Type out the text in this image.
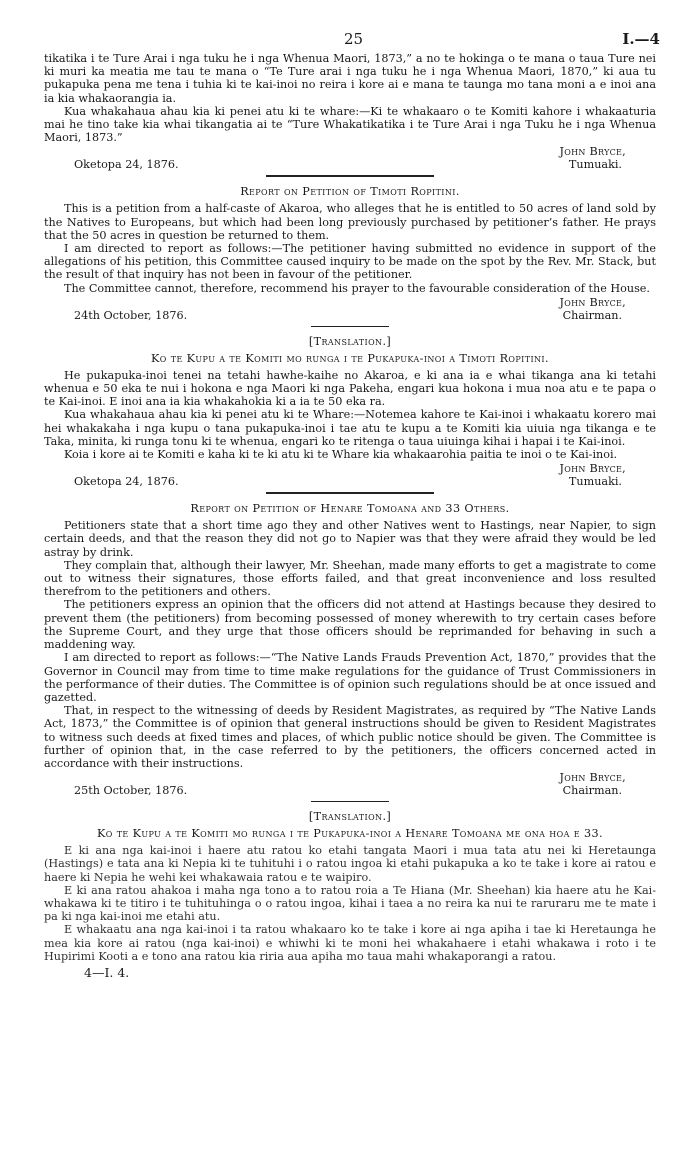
25	I.—4

tikatika i te Ture Arai i nga tuku he i nga Whenua Maori, 1873,” a no te hokinga o te mana o taua Ture nei ki muri ka meatia me tau te mana o “Te Ture arai i nga tuku he i nga Whenua Maori, 1870,” ki aua tu pukapuka pena me tena i tuhia ki te kai-inoi no reira i kore ai e mana te taunga mo tana moni a e inoi ana ia kia whakaorangia ia.

Kua whakahaua ahau kia ki penei atu ki te whare:—Ki te whakaaro o te Komiti kahore i whakaaturia mai he tino take kia whai tikangatia ai te “Ture Whakatikatika i te Ture Arai i nga Tuku he i nga Whenua Maori, 1873.”

John Bryce,
Tumuaki.
Oketopa 24, 1876.
Report on Petition of Timoti Ropitini.

This is a petition from a half-caste of Akaroa, who alleges that he is entitled to 50 acres of land sold by the Natives to Europeans, but which had been long previously purchased by petitioner’s father. He prays that the 50 acres in question be returned to them.

I am directed to report as follows:—The petitioner having submitted no evidence in support of the allegations of his petition, this Committee caused inquiry to be made on the spot by the Rev. Mr. Stack, but the result of that inquiry has not been in favour of the petitioner.

The Committee cannot, therefore, recommend his prayer to the favourable consideration of the House.

John Bryce,
Chairman.
24th October, 1876.
[Translation.]
Ko te Kupu a te Komiti mo runga i te Pukapuka-inoi a Timoti Ropitini.

He pukapuka-inoi tenei na tetahi hawhe-kaihe no Akaroa, e ki ana ia e whai tikanga ana ki tetahi whenua e 50 eka te nui i hokona e nga Maori ki nga Pakeha, engari kua hokona i mua noa atu e te papa o te Kai-inoi. E inoi ana ia kia whakahokia ki a ia te 50 eka ra.

Kua whakahaua ahau kia ki penei atu ki te Whare:—Notemea kahore te Kai-inoi i whakaatu korero mai hei whakakaha i nga kupu o tana pukapuka-inoi i tae atu te kupu a te Komiti kia uiuia nga tikanga e te Taka, minita, ki runga tonu ki te whenua, engari ko te ritenga o taua uiuinga kihai i hapai i te Kai-inoi.

Koia i kore ai te Komiti e kaha ki te ki atu ki te Whare kia whakaarohia paitia te inoi o te Kai-inoi.

John Bryce,
Tumuaki.
Oketopa 24, 1876.
Report on Petition of Henare Tomoana and 33 Others.

Petitioners state that a short time ago they and other Natives went to Hastings, near Napier, to sign certain deeds, and that the reason they did not go to Napier was that they were afraid they would be led astray by drink.

They complain that, although their lawyer, Mr. Sheehan, made many efforts to get a magistrate to come out to witness their signatures, those efforts failed, and that great inconvenience and loss resulted therefrom to the petitioners and others.

The petitioners express an opinion that the officers did not attend at Hastings because they desired to prevent them (the petitioners) from becoming possessed of money wherewith to try certain cases before the Supreme Court, and they urge that those officers should be reprimanded for behaving in such a maddening way.

I am directed to report as follows:—“The Native Lands Frauds Prevention Act, 1870,” provides that the Governor in Council may from time to time make regulations for the guidance of Trust Commissioners in the performance of their duties. The Committee is of opinion such regulations should be at once issued and gazetted.

That, in respect to the witnessing of deeds by Resident Magistrates, as required by “The Native Lands Act, 1873,” the Committee is of opinion that general instructions should be given to Resident Magistrates to witness such deeds at fixed times and places, of which public notice should be given. The Committee is further of opinion that, in the case referred to by the petitioners, the officers concerned acted in accordance with their instructions.

John Bryce,
Chairman.
25th October, 1876.
[Translation.]
Ko te Kupu a te Komiti mo runga i te Pukapuka-inoi a Henare Tomoana me ona hoa e 33.

E ki ana nga kai-inoi i haere atu ratou ko etahi tangata Maori i mua tata atu nei ki Heretaunga (Hastings) e tata ana ki Nepia ki te tuhituhi i o ratou ingoa ki etahi pukapuka a ko te take i kore ai ratou e haere ki Nepia he wehi kei whakawaia ratou e te waipiro.

E ki ana ratou ahakoa i maha nga tono a to ratou roia a Te Hiana (Mr. Sheehan) kia haere atu he Kai-whakawa ki te titiro i te tuhituhinga o o ratou ingoa, kihai i taea a no reira ka nui te raruraru me te mate i pa ki nga kai-inoi me etahi atu.

E whakaatu ana nga kai-inoi i ta ratou whakaaro ko te take i kore ai nga apiha i tae ki Heretaunga he mea kia kore ai ratou (nga kai-inoi) e whiwhi ki te moni hei whakahaere i etahi whakawa i roto i te Hupirimi Kooti a e tono ana ratou kia riria aua apiha mo taua mahi whakaporangi a ratou.

4—I. 4.
